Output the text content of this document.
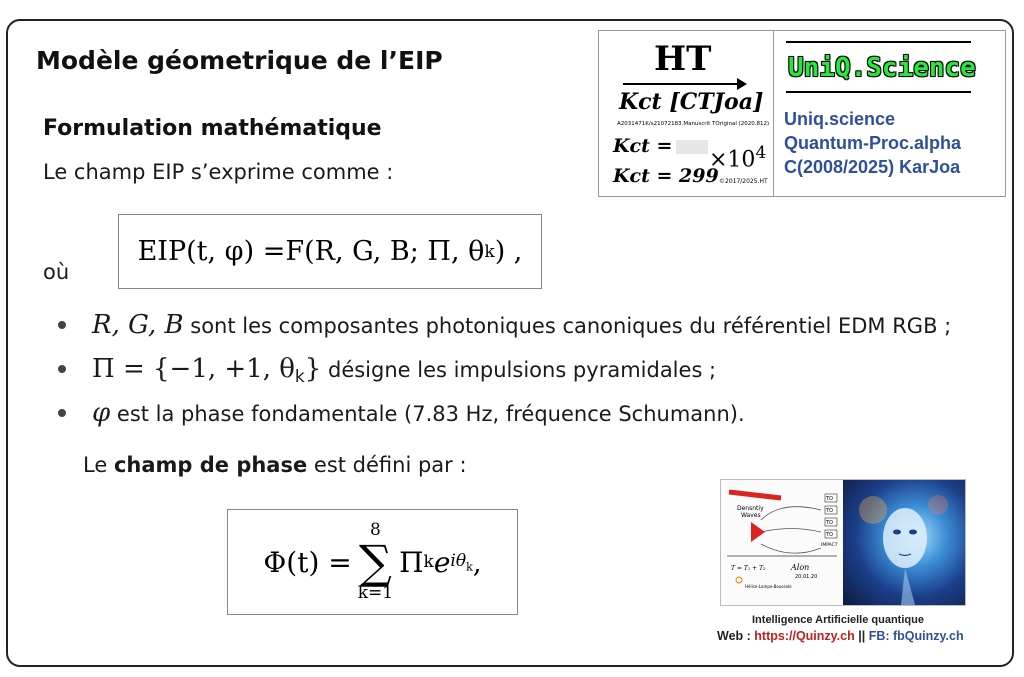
Modèle géometrique de l’EIP
Formulation mathématique
Le champ EIP s’exprime comme :
EIP(t, φ) = F(R, G, B; Π, θ k ) ,
où
R, G, B sont les composantes photoniques canoniques du référentiel EDM RGB ;
Π = {−1, +1, $\theta_k$} désigne les impulsions pyramidales ;
φ est la phase fondamentale (7.83 Hz, fréquence Schumann).
Le champ de phase est défini par :
Φ(t) =
8
∑
k=1
Π k e $i\theta_k$ ,
HT
Kct [CTJoa]
A2031471K/s21072183.Manuscrit TOriginal (2020.812)
Kct =
$\times 10^4$
Kct = 299 ©2017/2025.HT
UniQ.Science
Uniq.science
Quantum-Proc.alpha
C(2008/2025) KarJoa
Densntiy
Waves
TO
TO
TO
TO
IMPACT
T = T₁ + T₂	Alon
20.01.20
Hélice-Lampe-Boussole
Intelligence Artificielle quantique
Web : https://Quinzy.ch || FB: fbQuinzy.ch
